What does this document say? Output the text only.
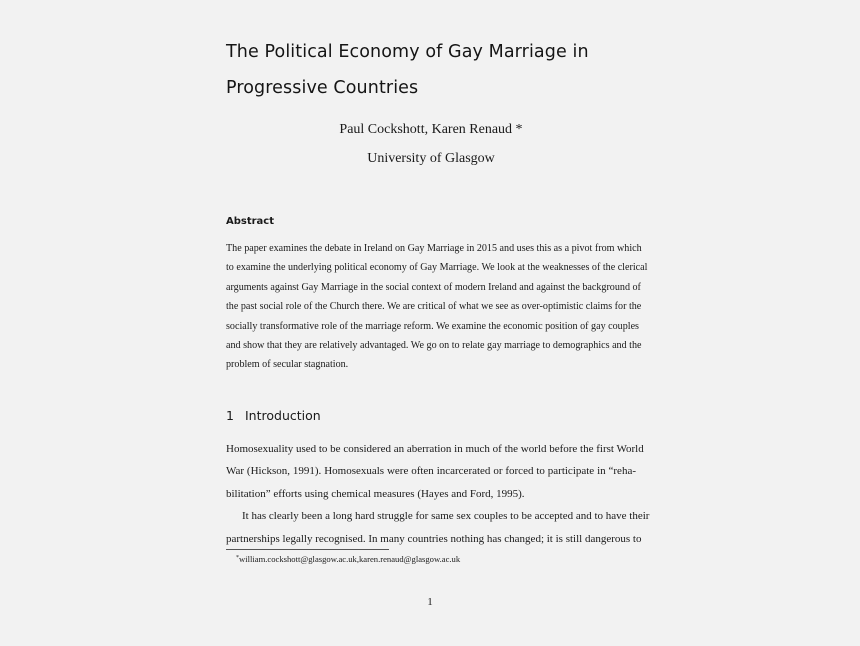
The Political Economy of Gay Marriage in
Progressive Countries
Paul Cockshott, Karen Renaud *
University of Glasgow
Abstract
The paper examines the debate in Ireland on Gay Marriage in 2015 and uses this as a pivot from which
to examine the underlying political economy of Gay Marriage. We look at the weaknesses of the clerical
arguments against Gay Marriage in the social context of modern Ireland and against the background of
the past social role of the Church there. We are critical of what we see as over-optimistic claims for the
socially transformative role of the marriage reform. We examine the economic position of gay couples
and show that they are relatively advantaged. We go on to relate gay marriage to demographics and the
problem of secular stagnation.
1 Introduction
Homosexuality used to be considered an aberration in much of the world before the first World
War (Hickson, 1991). Homosexuals were often incarcerated or forced to participate in “reha-
bilitation” efforts using chemical measures (Hayes and Ford, 1995).
It has clearly been a long hard struggle for same sex couples to be accepted and to have their
partnerships legally recognised. In many countries nothing has changed; it is still dangerous to
*william.cockshott@glasgow.ac.uk,karen.renaud@glasgow.ac.uk
1
